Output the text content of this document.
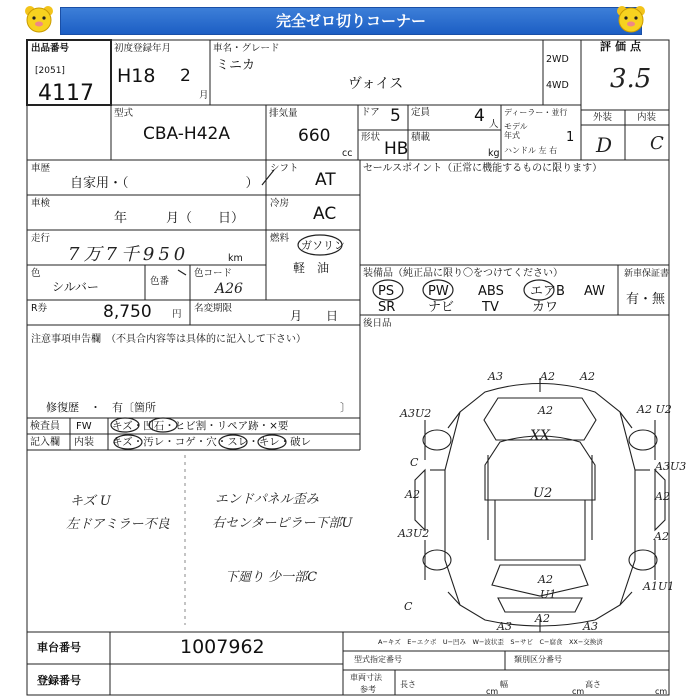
完全ゼロ切りコーナー
出品番号
[2051]
4117
初度登録年月
H18 2
月
車名・グレード
ミニカ
ヴォイス
2WD
4WD
評価点
3.5
型式
CBA-H42A
排気量
660
cc
ドア 5 定員	4 人
ディーラー・並行
モデル
年式	1
ハンドル 左 右
形状
HB
積載
kg
外装	内装
D C
車歴
自家用・（　　　　　　　　　）
シフト
AT
セールスポイント（正常に機能するものに限ります）
車検
年　　　月（　　日）
冷房
AC
走行
7万7千950	km
燃料
ガソリン
軽　油
色
シルバー	色番
色コード
A26
装備品（純正品に限り〇をつけてください）
PS	PW ABS エアB AW
SR	ナビ TV	カワ
新車保証書
有・無
R券	8,750 円
名変期限
月　　日
後日品
注意事項申告欄 （不具合内容等は具体的に記入して下さい）
修復歴　・　有〔箇所	〕
検査員
記入欄
FW
内装
キズ・凹石・ヒビ割・リペア跡・×要
キズ・汚レ・コゲ・穴・スレ・キレ・破レ
キズ U
左ドアミラー不良
エンドパネル歪み
右センターピラー下部U
下廻り 少一部C
A3	A2 A2
A2
A3U2	A2 U2
XX
C	A3U3
A2	U2	A2
A3U2	A2
A2
U1
A1U1
C
A3
A2
A3
A−キズ　E−エクボ　U−凹み　W−波状歪　S−サビ　C−腐食　XX−交換済
車台番号	1007962
登録番号
型式指定番号	類別区分番号
車両寸法
参考
長さ
cm
幅
cm
高さ
cm
